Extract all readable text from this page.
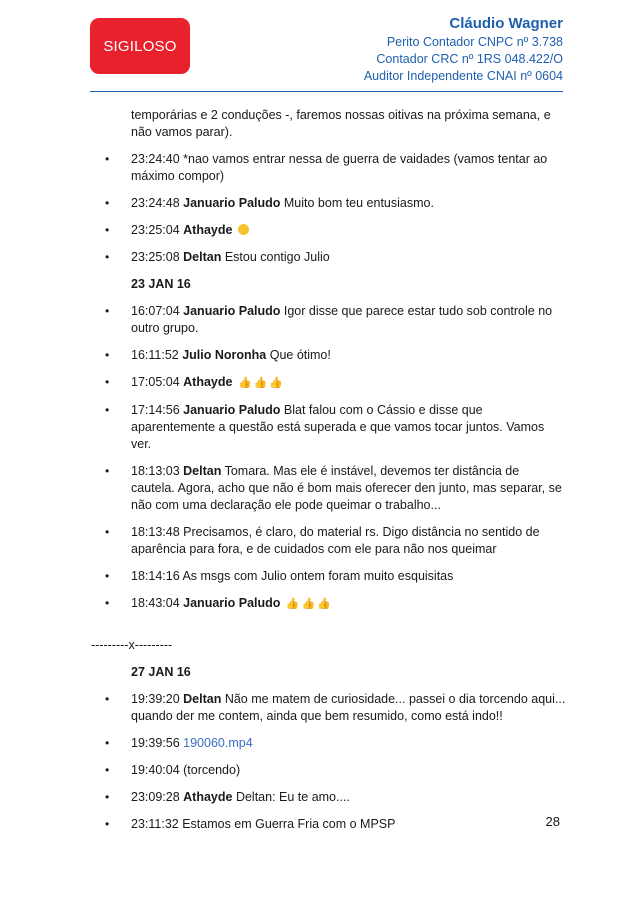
SIGILOSO
Cláudio Wagner
Perito Contador CNPC nº 3.738
Contador CRC nº 1RS 048.422/O
Auditor Independente CNAI nº 0604

temporárias e 2 conduções -, faremos nossas oitivas na próxima semana, e não vamos parar).

• 23:24:40 *nao vamos entrar nessa de guerra de vaidades (vamos tentar ao máximo compor)
• 23:24:48 Januario Paludo Muito bom teu entusiasmo.
• 23:25:04 Athayde
• 23:25:08 Deltan Estou contigo Julio
23 JAN 16
• 16:07:04 Januario Paludo Igor disse que parece estar tudo sob controle no outro grupo.
• 16:11:52 Julio Noronha Que ótimo!
• 17:05:04 Athayde 👍 👍 👍
• 17:14:56 Januario Paludo Blat falou com o Cássio e disse que aparentemente a questão está superada e que vamos tocar juntos. Vamos ver.
• 18:13:03 Deltan Tomara. Mas ele é instável, devemos ter distância de cautela. Agora, acho que não é bom mais oferecer den junto, mas separar, se não com uma declaração ele pode queimar o trabalho...
• 18:13:48 Precisamos, é claro, do material rs. Digo distância no sentido de aparência para fora, e de cuidados com ele para não nos queimar
• 18:14:16 As msgs com Julio ontem foram muito esquisitas
• 18:43:04 Januario Paludo 👍 👍 👍
---------x---------
27 JAN 16
• 19:39:20 Deltan Não me matem de curiosidade... passei o dia torcendo aqui... quando der me contem, ainda que bem resumido, como está indo!!
• 19:39:56 190060.mp4
• 19:40:04 (torcendo)
• 23:09:28 Athayde Deltan: Eu te amo....
• 23:11:32 Estamos em Guerra Fria com o MPSP	28
